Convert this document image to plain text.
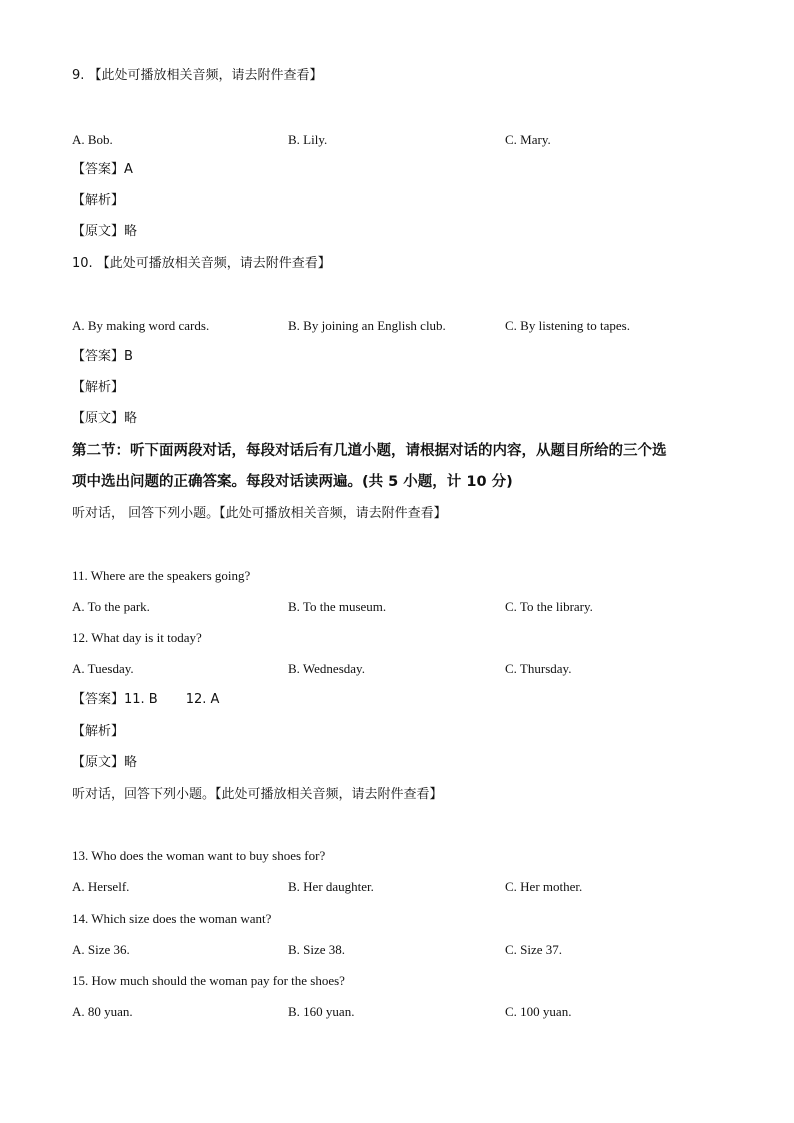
9. 【此处可播放相关音频，请去附件查看】
A. Bob.	B. Lily.	C. Mary.
【答案】A
【解析】
【原文】略
10. 【此处可播放相关音频，请去附件查看】
A. By making word cards.	B. By joining an English club.	C. By listening to tapes.
【答案】B
【解析】
【原文】略
第二节：听下面两段对话，每段对话后有几道小题，请根据对话的内容，从题目所给的三个选
项中选出问题的正确答案。每段对话读两遍。(共 5 小题，计 10 分)
听对话， 回答下列小题。【此处可播放相关音频，请去附件查看】
11. Where are the speakers going?
A. To the park.	B. To the museum.	C. To the library.
12. What day is it today?
A. Tuesday.	B. Wednesday.	C. Thursday.
【答案】11. B 12. A
【解析】
【原文】略
听对话，回答下列小题。【此处可播放相关音频，请去附件查看】
13. Who does the woman want to buy shoes for?
A. Herself.	B. Her daughter.	C. Her mother.
14. Which size does the woman want?
A. Size 36.	B. Size 38.	C. Size 37.
15. How much should the woman pay for the shoes?
A. 80 yuan.	B. 160 yuan.	C. 100 yuan.
